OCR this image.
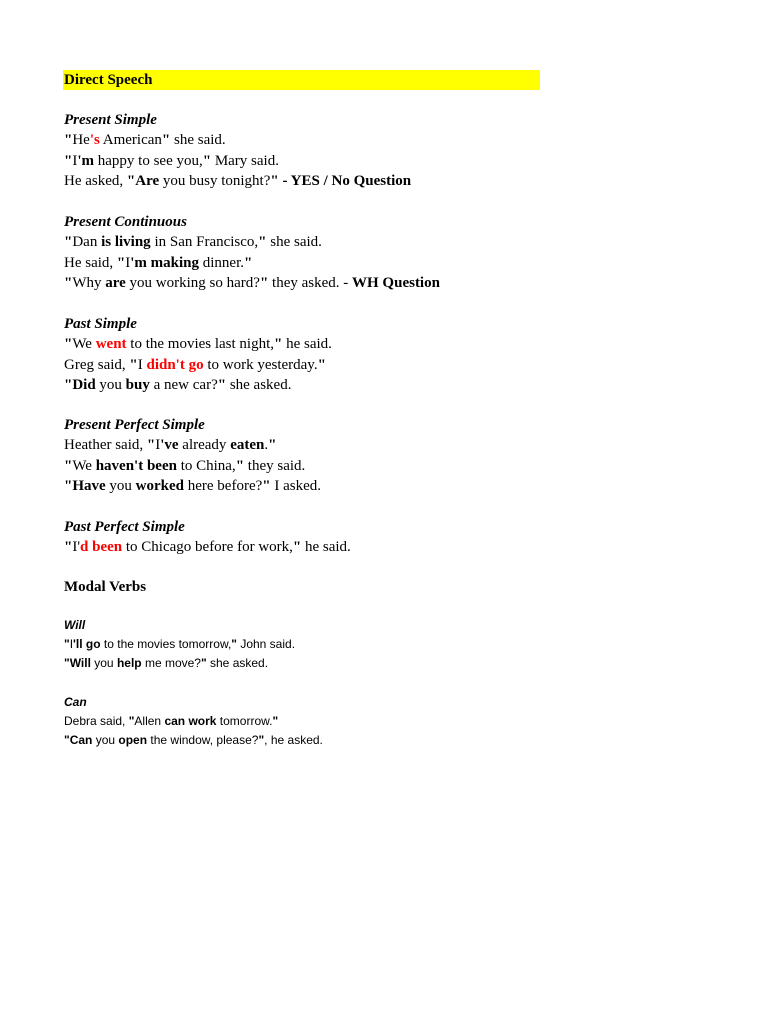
Direct Speech
Present Simple
"He's American" she said.
"I'm happy to see you," Mary said.
He asked, "Are you busy tonight?" - YES / No Question
Present Continuous
"Dan is living in San Francisco," she said.
He said, "I'm making dinner."
"Why are you working so hard?" they asked. - WH Question
Past Simple
"We went to the movies last night," he said.
Greg said, "I didn't go to work yesterday."
"Did you buy a new car?" she asked.
Present Perfect Simple
Heather said, "I've already eaten."
"We haven't been to China," they said.
"Have you worked here before?" I asked.
Past Perfect Simple
"I'd been to Chicago before for work," he said.
Modal Verbs
Will
"I'll go to the movies tomorrow," John said.
"Will you help me move?" she asked.
Can
Debra said, "Allen can work tomorrow."
"Can you open the window, please?", he asked.
